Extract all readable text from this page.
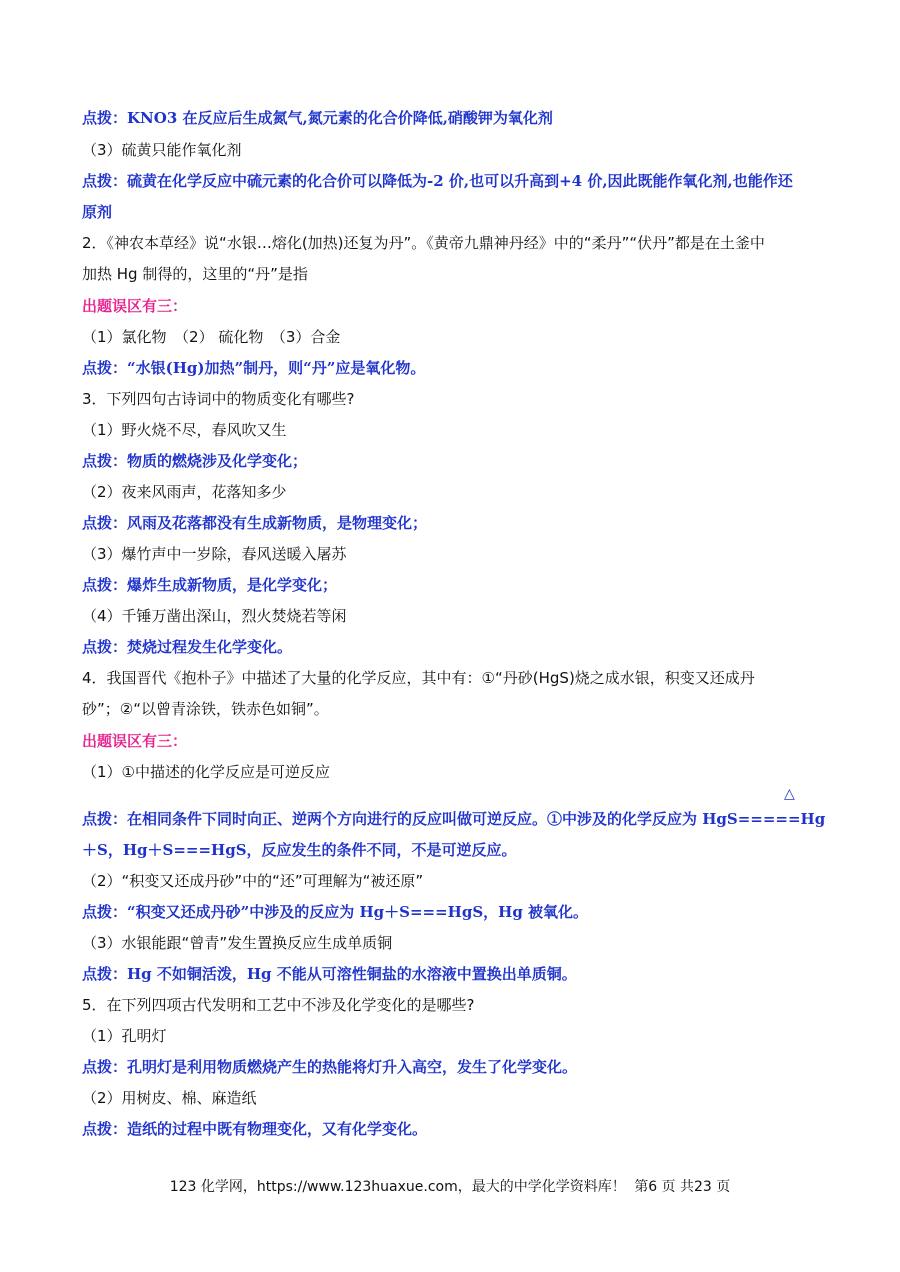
点拨：KNO3 在反应后生成氮气,氮元素的化合价降低,硝酸钾为氧化剂
（3）硫黄只能作氧化剂
点拨：硫黄在化学反应中硫元素的化合价可以降低为-2 价,也可以升高到+4 价,因此既能作氧化剂,也能作还
原剂
2．《神农本草经》说“水银…熔化(加热)还复为丹”。《黄帝九鼎神丹经》中的“柔丹”“伏丹”都是在土釜中
加热 Hg 制得的，这里的“丹”是指
出题误区有三：
（1）氯化物　（2） 硫化物　（3）合金
点拨：“水银(Hg)加热”制丹，则“丹”应是氧化物。
3．下列四句古诗词中的物质变化有哪些?
（1）野火烧不尽，春风吹又生
点拨：物质的燃烧涉及化学变化；
（2）夜来风雨声，花落知多少
点拨：风雨及花落都没有生成新物质，是物理变化；
（3）爆竹声中一岁除，春风送暖入屠苏
点拨：爆炸生成新物质，是化学变化；
（4）千锤万凿出深山，烈火焚烧若等闲
点拨：焚烧过程发生化学变化。
4．我国晋代《抱朴子》中描述了大量的化学反应，其中有：①“丹砂(HgS)烧之成水银，积变又还成丹
砂”；②“以曾青涂铁，铁赤色如铜”。
出题误区有三：
（1）①中描述的化学反应是可逆反应
点拨：在相同条件下同时向正、逆两个方向进行的反应叫做可逆反应。①中涉及的化学反应为 HgS=====Hg
＋S，Hg＋S===HgS，反应发生的条件不同，不是可逆反应。
（2）“积变又还成丹砂”中的“还”可理解为“被还原”
点拨：“积变又还成丹砂”中涉及的反应为 Hg＋S===HgS，Hg 被氧化。
（3）水银能跟“曾青”发生置换反应生成单质铜
点拨：Hg 不如铜活泼，Hg 不能从可溶性铜盐的水溶液中置换出单质铜。
5．在下列四项古代发明和工艺中不涉及化学变化的是哪些?
（1）孔明灯
点拨：孔明灯是利用物质燃烧产生的热能将灯升入高空，发生了化学变化。
（2）用树皮、棉、麻造纸
点拨：造纸的过程中既有物理变化，又有化学变化。
△
123 化学网，https://www.123huaxue.com，最大的中学化学资料库！ 第6 页 共23 页
